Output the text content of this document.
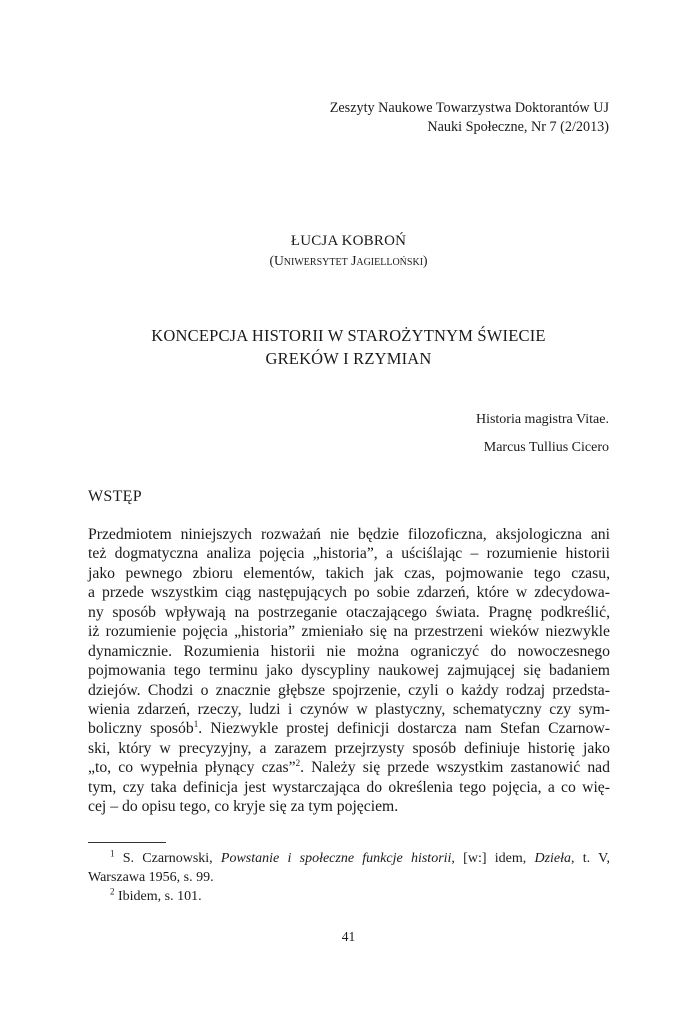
Zeszyty Naukowe Towarzystwa Doktorantów UJ
Nauki Społeczne, Nr 7 (2/2013)
ŁUCJA KOBROŃ
(Uniwersytet Jagielloński)
KONCEPCJA HISTORII W STAROŻYTNYM ŚWIECIE
GREKÓW I RZYMIAN
Historia magistra Vitae.
Marcus Tullius Cicero
WSTĘP
Przedmiotem niniejszych rozważań nie będzie filozoficzna, aksjologiczna ani
też dogmatyczna analiza pojęcia „historia”, a uściślając – rozumienie historii
jako pewnego zbioru elementów, takich jak czas, pojmowanie tego czasu,
a przede wszystkim ciąg następujących po sobie zdarzeń, które w zdecydowa-
ny sposób wpływają na postrzeganie otaczającego świata. Pragnę podkreślić,
iż rozumienie pojęcia „historia” zmieniało się na przestrzeni wieków niezwykle
dynamicznie. Rozumienia historii nie można ograniczyć do nowoczesnego
pojmowania tego terminu jako dyscypliny naukowej zajmującej się badaniem
dziejów. Chodzi o znacznie głębsze spojrzenie, czyli o każdy rodzaj przedsta-
wienia zdarzeń, rzeczy, ludzi i czynów w plastyczny, schematyczny czy sym-
boliczny sposób$^1$. Niezwykle prostej definicji dostarcza nam Stefan Czarnow-
ski, który w precyzyjny, a zarazem przejrzysty sposób definiuje historię jako
„to, co wypełnia płynący czas”$^2$. Należy się przede wszystkim zastanowić nad
tym, czy taka definicja jest wystarczająca do określenia tego pojęcia, a co wię-
cej – do opisu tego, co kryje się za tym pojęciem.
$^1$ S. Czarnowski, Powstanie i społeczne funkcje historii, [w:] idem, Dzieła, t. V,
Warszawa 1956, s. 99.
$^2$ Ibidem, s. 101.
41
